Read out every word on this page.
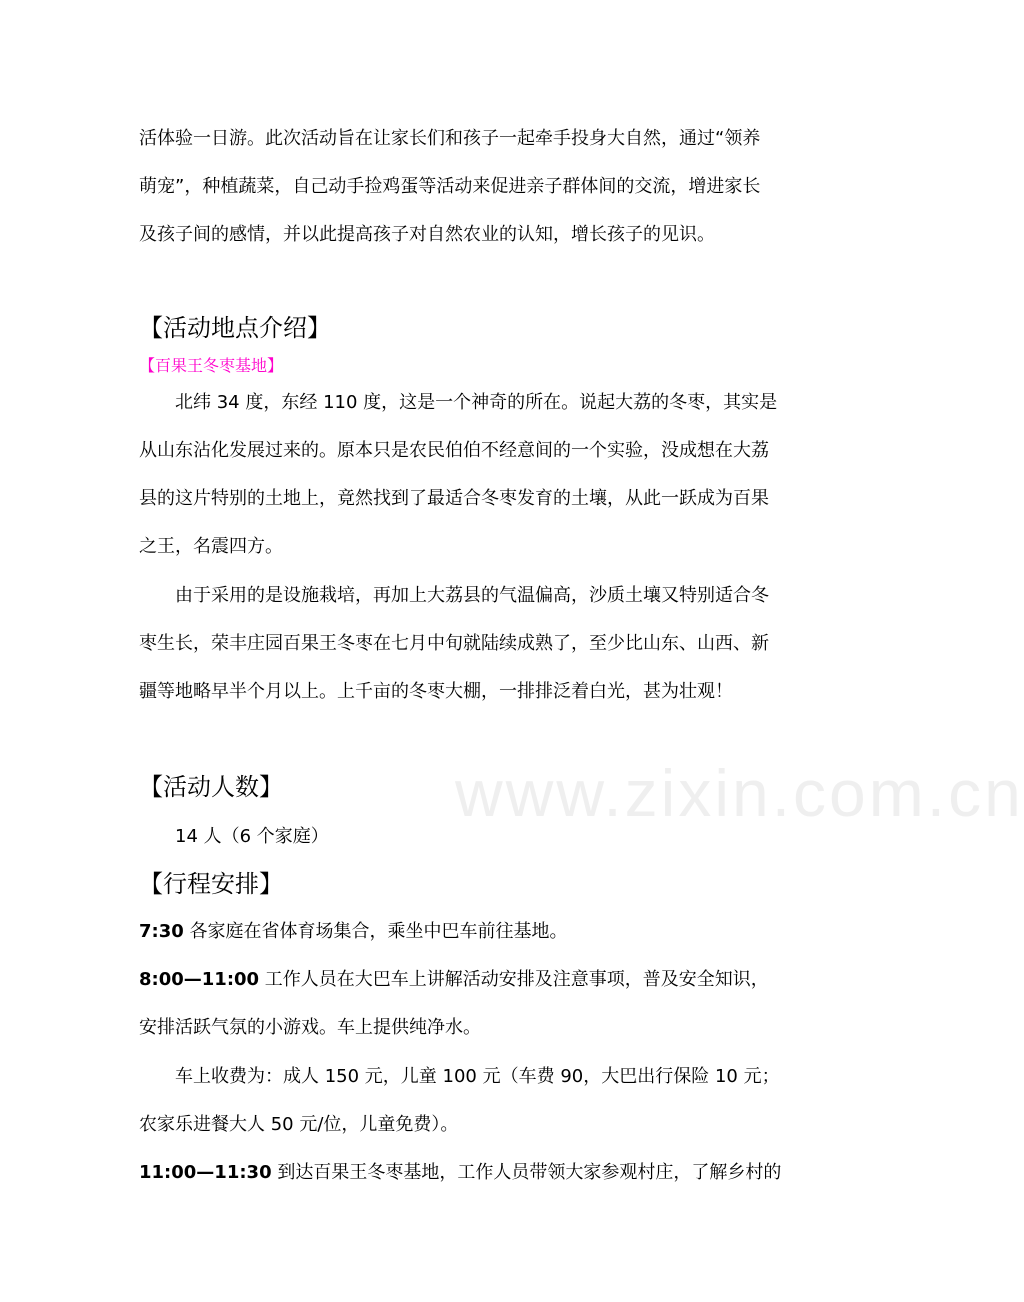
www.zixin.com.cn
活体验一日游。此次活动旨在让家长们和孩子一起牵手投身大自然，通过“领养
萌宠”，种植蔬菜，自己动手捡鸡蛋等活动来促进亲子群体间的交流，增进家长
及孩子间的感情，并以此提高孩子对自然农业的认知，增长孩子的见识。
【活动地点介绍】
【百果王冬枣基地】
北纬 34 度，东经 110 度，这是一个神奇的所在。说起大荔的冬枣，其实是
从山东沾化发展过来的。原本只是农民伯伯不经意间的一个实验，没成想在大荔
县的这片特别的土地上，竟然找到了最适合冬枣发育的土壤，从此一跃成为百果
之王，名震四方。
由于采用的是设施栽培，再加上大荔县的气温偏高，沙质土壤又特别适合冬
枣生长，荣丰庄园百果王冬枣在七月中旬就陆续成熟了，至少比山东、山西、新
疆等地略早半个月以上。上千亩的冬枣大棚，一排排泛着白光，甚为壮观！
【活动人数】
14 人（6 个家庭）
【行程安排】
7:30 各家庭在省体育场集合，乘坐中巴车前往基地。
8:00—11:00 工作人员在大巴车上讲解活动安排及注意事项，普及安全知识，
安排活跃气氛的小游戏。车上提供纯净水。
车上收费为：成人 150 元，儿童 100 元（车费 90，大巴出行保险 10 元；
农家乐进餐大人 50 元/位，儿童免费）。
11:00—11:30 到达百果王冬枣基地，工作人员带领大家参观村庄，了解乡村的
